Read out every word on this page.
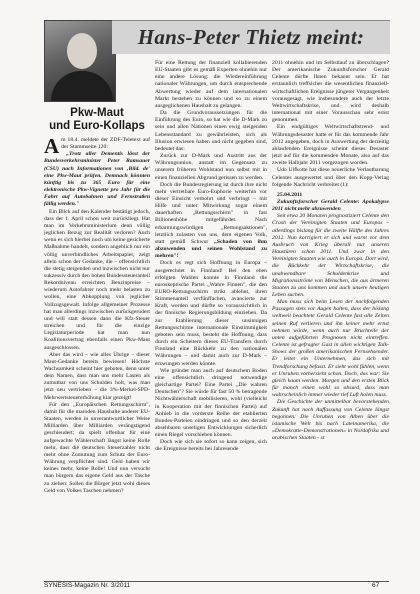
Hans-Peter Thietz meint:
Pkw-Maut
und Euro-Kollaps

Am 18.4. meldete der ZDF-Teletext auf der Stammseite 120:

„Trotz aller Dementis lässt der Bundesverkehrsminister Peter Ramsauer (CSU) nach Informationen von ‚Bild. de' eine Pkw-Maut prüfen. Demnach könnten künftig bis zu 365 Euro für eine elektronische Pkw-Vignette pro Jahr für die Fahrt auf Autobahnen und Fernstraßen fällig werden."

Ein Blick auf den Kalender bestätigt jedoch, dass der 1. April schon weit zurückliegt. Hat man im Verkehrsministerium denn völlig jeglichen Bezug zur Realität verloren? Auch wenn es sich hierbei noch um keine gesicherte Maßnahme handelt, sondern angeblich nur ein völlig unverbindliches Arbeitspapier, zeigt allein schon der Gedanke, die – offensichtlich die stetig steigenden und inzwischen nicht nur sukzessiv durch den hohen Bundessteueranteil Rekordniveau erreichten Benzinpreise – wiederum Autofahrer noch mehr belasten zu wollen, eine Abkopplung von jeglicher Vollzugsgewalt. Infolge allgemeiner Prozesse hat man allerdings inzwischen zurückgerudert und will statt dessen dann die Kfz-Steuer streichen und für die einzige Legislaturperiode hat man nun Koalitionsvertrag ebenfalls einen Pkw-Maut ausgeschlossen.

Aber das wird – wie alles Übrige – dieser Maut-Gedanke bereits bewiesen! Höchste Wachsamkeit scheint hier geboten, denn unter dem Namen, dass man uns mehr Lasten als zumutbar von uns Schulden holt, was man jetzt neu vertrieben – die 3%-Merkel-SPD-Mehrwertsteuererhöhung klar gezeigt!

Für den „Europäischen Rettungsschirm", damit für die maroden Haushalte anderer EU-Staaten, werden in unverantwortlicher Weise Milliarden über Milliarden verängstigend geschleudert; da spielt offenbar für eine aufgewachte Wählerschaft längst keine Rolle mehr, dass die deutschen Steuerzahler nicht mehr ohne Zumutung zum Schutz der Euro-Währung verpflichtet sind. Geld haben wir keines mehr, keine Rolle! Und nun versucht man bürgern das eigene Geld aus der Tasche zu ziehen: Sollen die Bürger jetzt wohl dieses Geld von Volkes Taschen nehmen?

Für eine Rettung der finanziell kollabierenden EU-Staaten gibt es gemäß Experten ohnehin nur eine andere Lösung: die Wiedereinführung nationaler Währungen, um durch entsprechende Abwertung wieder auf dem internationalen Markt bestehen zu können und so zu einem ausgeglichenen Haushalt zu gelangen.

Da die Grundvoraussetzungen für die Einführung des Euro, so hat wie die D-Mark zu sein und allen Nationen einen ewig steigenden Lebensstandard zu gewährleisten, sich als Illusion erwiesen haben und nicht gegeben sind, bedeutet das:

Zurück zur D-Mark und Austritt aus der Währungsunion, anstatt im Gegensatz zu unserem früheren Wohlstand nun selbst mit in einen finanziellen Abgrund gerissen zu werden.

Doch die Bundesregierung ist durch ihre nicht mehr vertretbare Euro-Euphorie weiterhin vor dieser Einsicht verbohrt und verbringt – mit Hilfe und unter Mitwirkung sogar einem dauerhaften „Rettungsschirm" in fast Billionenhöhe mitgefährdet. Nach erbarmungswürdigen „Rettungsaktionen", letztlich zulasten von uns, dem eigenen Volk, statt gemäß Schwur „Schaden von ihm abzuwenden und seinen Wohlstand zu mehren"!

Doch es regt sich Hoffnung in Europa – ausgerechnet in Finnland! Bei den eben erfolgten Wahlen konnte in Finnland die euroskeptische Partei „Wahre Finnen", die den EURO-Rettungsschirm strikt ablehnt, ihren Stimmenanteil verfünffachen, avancierte zur Kraft, werden und dürfte so voraussichtlich in der finnische Regierungsbildung einziehen. Da zur Etablierung dieser unsinnigen Rettungsschirme internationale Einstimmigkeit geboten sein muss, besteht die Hoffnung, dass durch ein Scheitern dieses EU-Transfers durch Finnland eine Rückkehr zu den nationalen Währungen – und damit auch zur D-Mark – erzwungen werden könnte.

Wie gründet man auch auf deutschem Boden eine offensichtlich dringend notwendige gleichartige Partei? Eine Partei „Die wahren Deutschen"? Sie würde für fast 50 % betragende Nichtwählerschaft mobilisieren, wohl (vielleicht in Kooperation mit der finnischen Partei) auf Anhieb in die vorderste Reihe der etablierten Bundes-Parteien eindringen und so den derzeit absehbaren unseligen Entwicklungen sicherlich einen Riegel vorschieben können.

Doch wie sich sie sofort so kann zeigen, sich die Ereignisse bereits bei Jahresende

2011 ohnehin und im Selbstlauf zu überschlagen? Der amerikanische Zukunftsforscher Gerald Celente dürfte Ihnen bekannt sein. Er hat erstaunlich treffsicher die wesentlichen finanziell-wirtschaftlichen Ereignisse jüngerer Vergangenheit vorausgesagt, wie insbesondere auch der letzte Weltwirtschaftskrise, und wird deshalb international mit einer Vorausschau sehr ernst genommen.

Ein endgültiges Weltwirtschaftstrend- und Währungsdesaster hatte er für das kommende Jahr 2012 angegeben, doch in Auswertung der derzeitig ablaufenden Ereignisse scheint dieses Desaster jetzt auf für die kommenden Monate, also auf das zweite Halbjahr 2011 vorgezogen worden.

Udo Ulfkotte hat diese neuerliche Verlautbarung Celentes ausgewertet und über den Kopp-Verlag folgende Nachricht verbreitet (1):

25.04.2011

Zukunftsforscher Gerald Celente: Apokalypse 2011 nicht mehr abzuwenden

Seit etwa 20 Monaten prognostiziert Celente den Crash der Vereinigten Staaten und Europas – allerdings bislang für die zweite Hälfte des Jahres 2012. Nun korrigiert er sich und warnt vor dem Ausbruch von Krieg überall nur unseren Haustüren schon 2011. Und zwar in den Vereinigten Staaten wie auch in Europa. Dort wird, die Rückkehr der Wirtschaftskrise, die unabwendbare Schuldenkrise und Migrationsströme von Menschen, die aus ärmeren Staaten zu uns kommen und auch unsere heutigen Leben suchen.

Man muss sich beim Lesen der nachfolgenden Passagen stets vor Augen halten, dass der bislang weltweit beachtete Gerald Celente fast alle Zeiten seinen Ruf verlieren und ihn keiner mehr ernst nehmen würde, wenn auch nur Bruchteile der unten aufgeführten Prognosen nicht eintreffen. Celente ist gefragter Gast in allen wichtigen Talk-Shows der großen amerikanischen Fernsehsender. Er leitet ein Unternehmen, das sich mit Trendforschung befasst. Er sieht wohl fühlen, wenn er Unruhen vorhersieht schon. Doch, das war: Sie gleich kaum werden. Morgen und den ersten Blick für manch einen wohl so absurd, dass man wahrscheinlich immer wieder tief Luft holen muss.

Die Geschichte der unmittelbar bevorstehenden Zukunft hat nach Auffassung von Celente längst begonnen: Die Unruhen von Athen über die islamische Welt bis nach Lateinamerika, die «Demokratie-Demonstrationen» in Nordafrika und arabischen Staaten - st

SYNESIS-Magazin Nr. 3/2011	67
